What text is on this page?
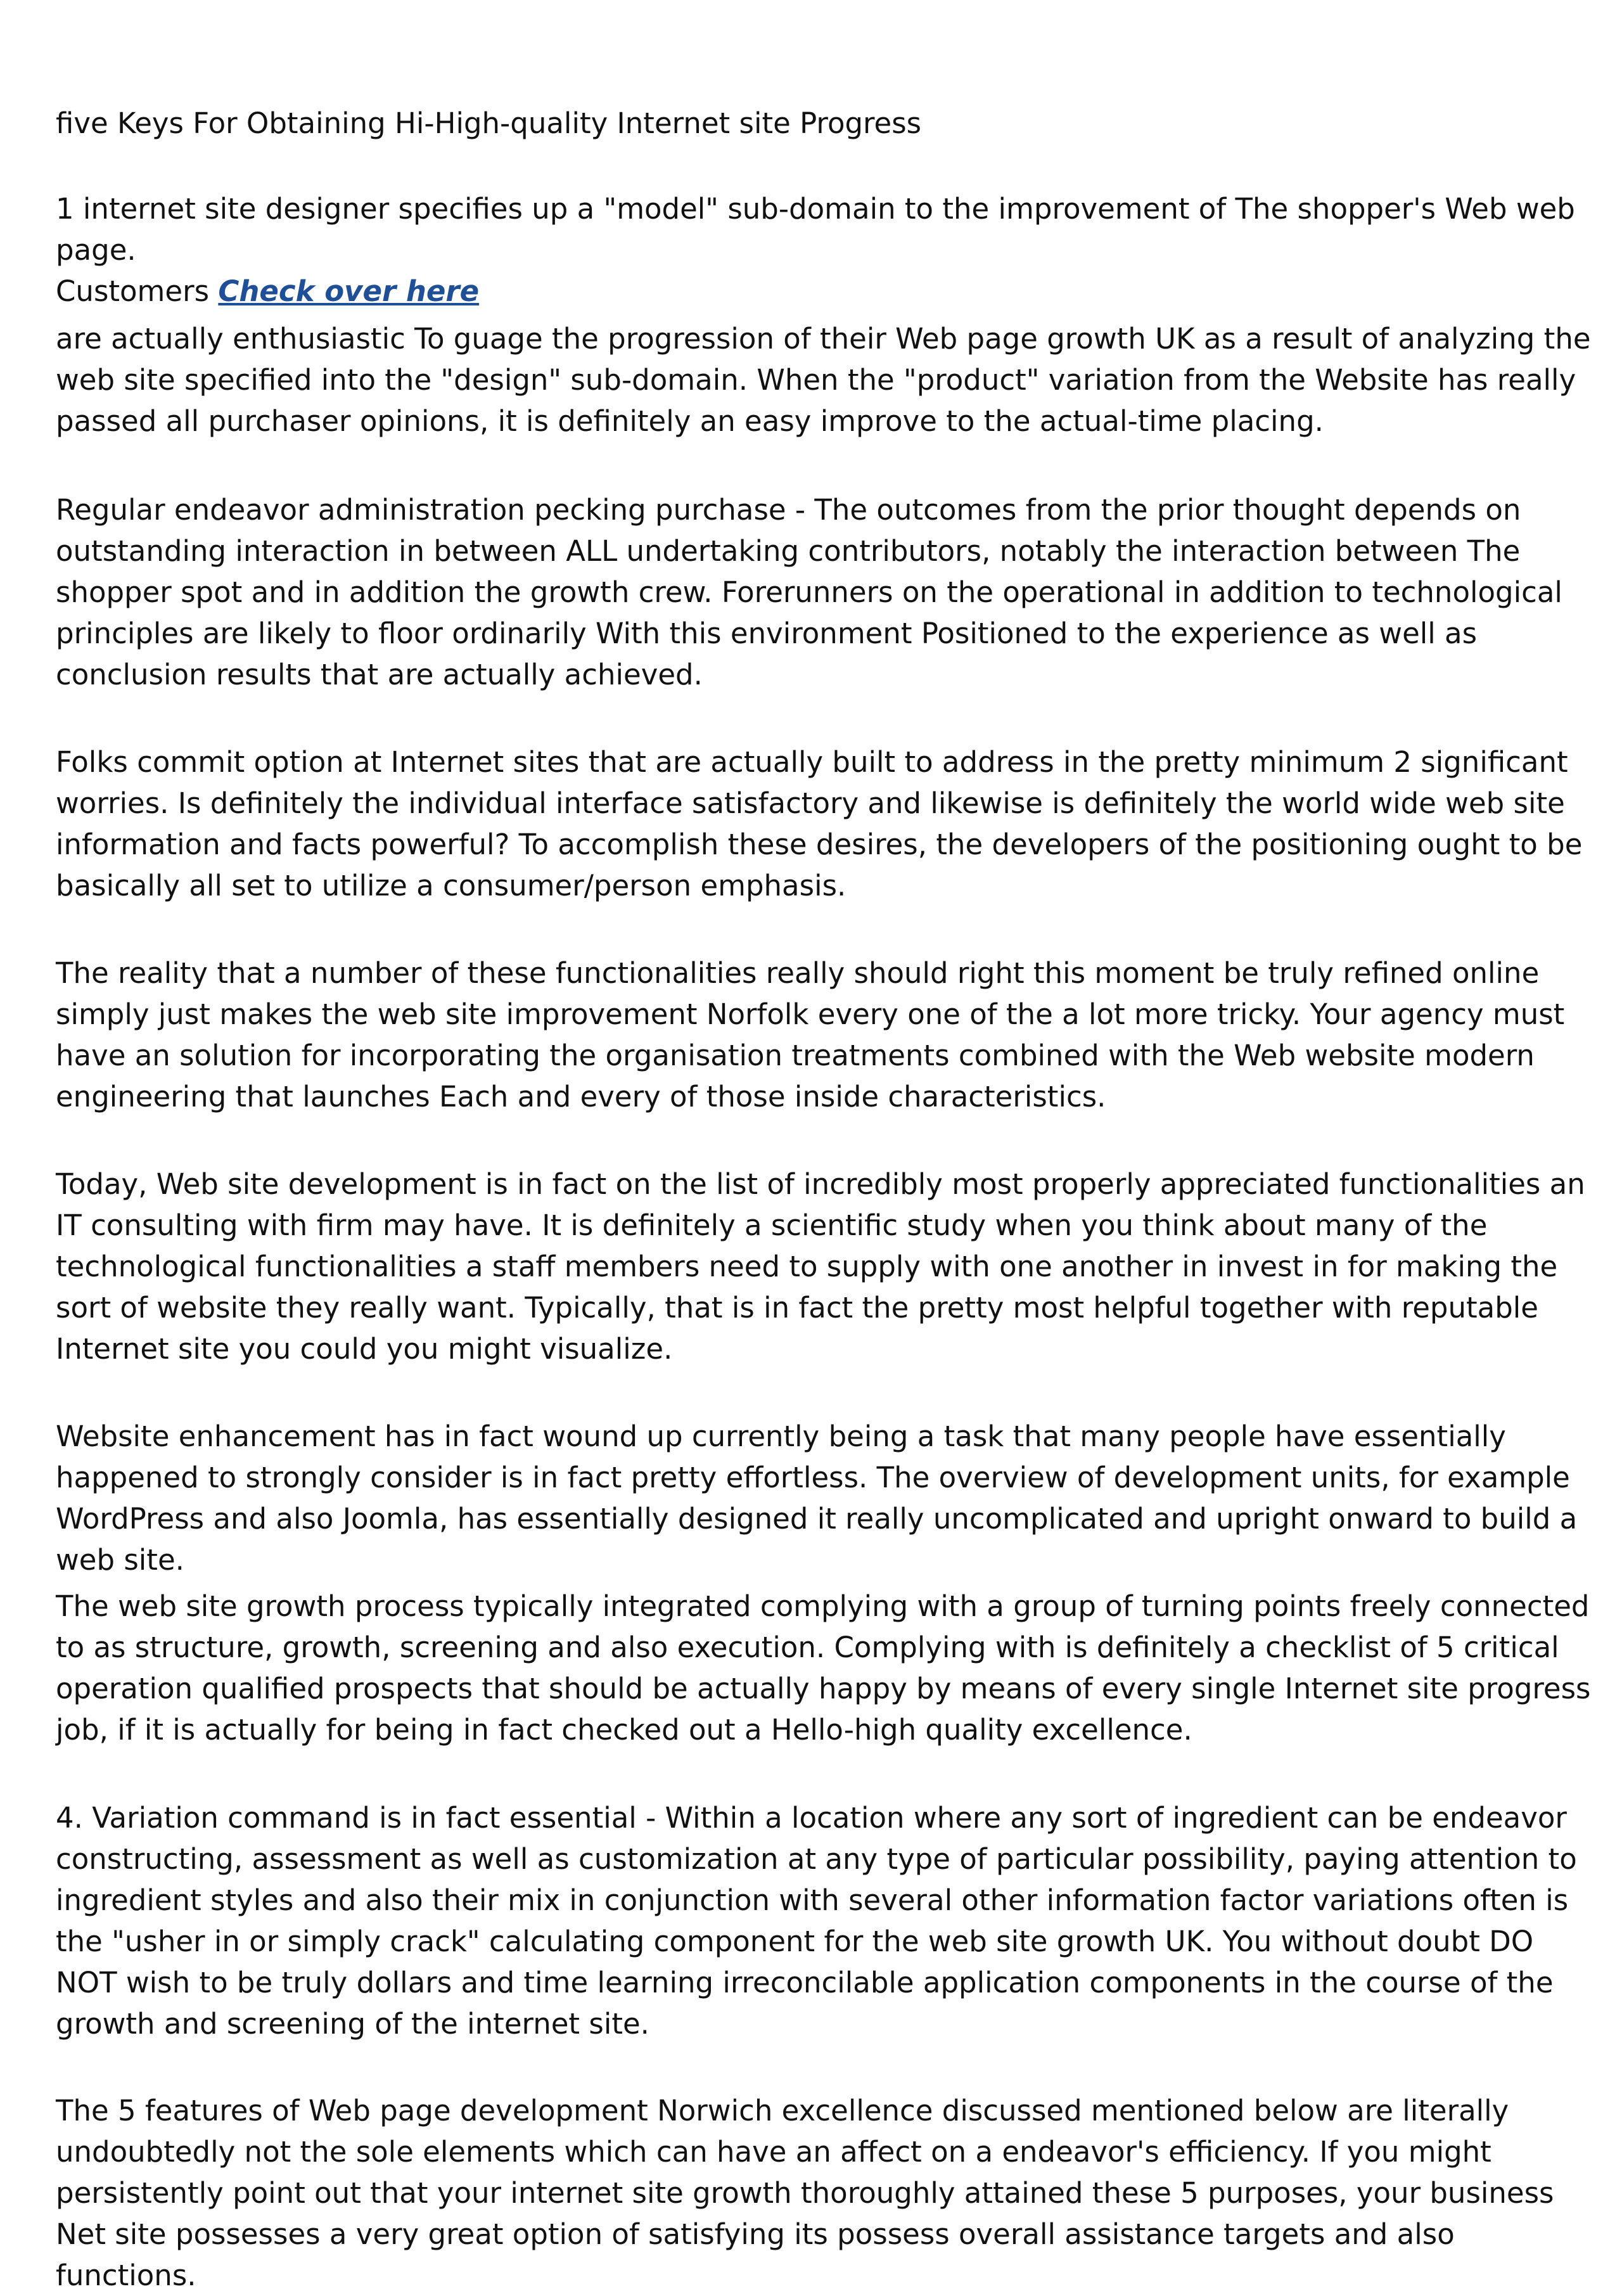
five Keys For Obtaining Hi-High-quality Internet site Progress

1 internet site designer specifies up a "model" sub-domain to the improvement of The shopper's Web web page.
Customers Check over here

are actually enthusiastic To guage the progression of their Web page growth UK as a result of analyzing the web site specified into the "design" sub-domain. When the "product" variation from the Website has really passed all purchaser opinions, it is definitely an easy improve to the actual-time placing.

Regular endeavor administration pecking purchase - The outcomes from the prior thought depends on outstanding interaction in between ALL undertaking contributors, notably the interaction between The shopper spot and in addition the growth crew. Forerunners on the operational in addition to technological principles are likely to floor ordinarily With this environment Positioned to the experience as well as conclusion results that are actually achieved.

Folks commit option at Internet sites that are actually built to address in the pretty minimum 2 significant worries. Is definitely the individual interface satisfactory and likewise is definitely the world wide web site information and facts powerful? To accomplish these desires, the developers of the positioning ought to be basically all set to utilize a consumer/person emphasis.

The reality that a number of these functionalities really should right this moment be truly refined online simply just makes the web site improvement Norfolk every one of the a lot more tricky. Your agency must have an solution for incorporating the organisation treatments combined with the Web website modern engineering that launches Each and every of those inside characteristics.

Today, Web site development is in fact on the list of incredibly most properly appreciated functionalities an IT consulting with firm may have. It is definitely a scientific study when you think about many of the technological functionalities a staff members need to supply with one another in invest in for making the sort of website they really want. Typically, that is in fact the pretty most helpful together with reputable Internet site you could you might visualize.

Website enhancement has in fact wound up currently being a task that many people have essentially happened to strongly consider is in fact pretty effortless. The overview of development units, for example WordPress and also Joomla, has essentially designed it really uncomplicated and upright onward to build a web site.

The web site growth process typically integrated complying with a group of turning points freely connected to as structure, growth, screening and also execution. Complying with is definitely a checklist of 5 critical operation qualified prospects that should be actually happy by means of every single Internet site progress job, if it is actually for being in fact checked out a Hello-high quality excellence.

4. Variation command is in fact essential - Within a location where any sort of ingredient can be endeavor constructing, assessment as well as customization at any type of particular possibility, paying attention to ingredient styles and also their mix in conjunction with several other information factor variations often is the "usher in or simply crack" calculating component for the web site growth UK. You without doubt DO NOT wish to be truly dollars and time learning irreconcilable application components in the course of the growth and screening of the internet site.

The 5 features of Web page development Norwich excellence discussed mentioned below are literally undoubtedly not the sole elements which can have an affect on a endeavor's efficiency. If you might persistently point out that your internet site growth thoroughly attained these 5 purposes, your business Net site possesses a very great option of satisfying its possess overall assistance targets and also functions.
